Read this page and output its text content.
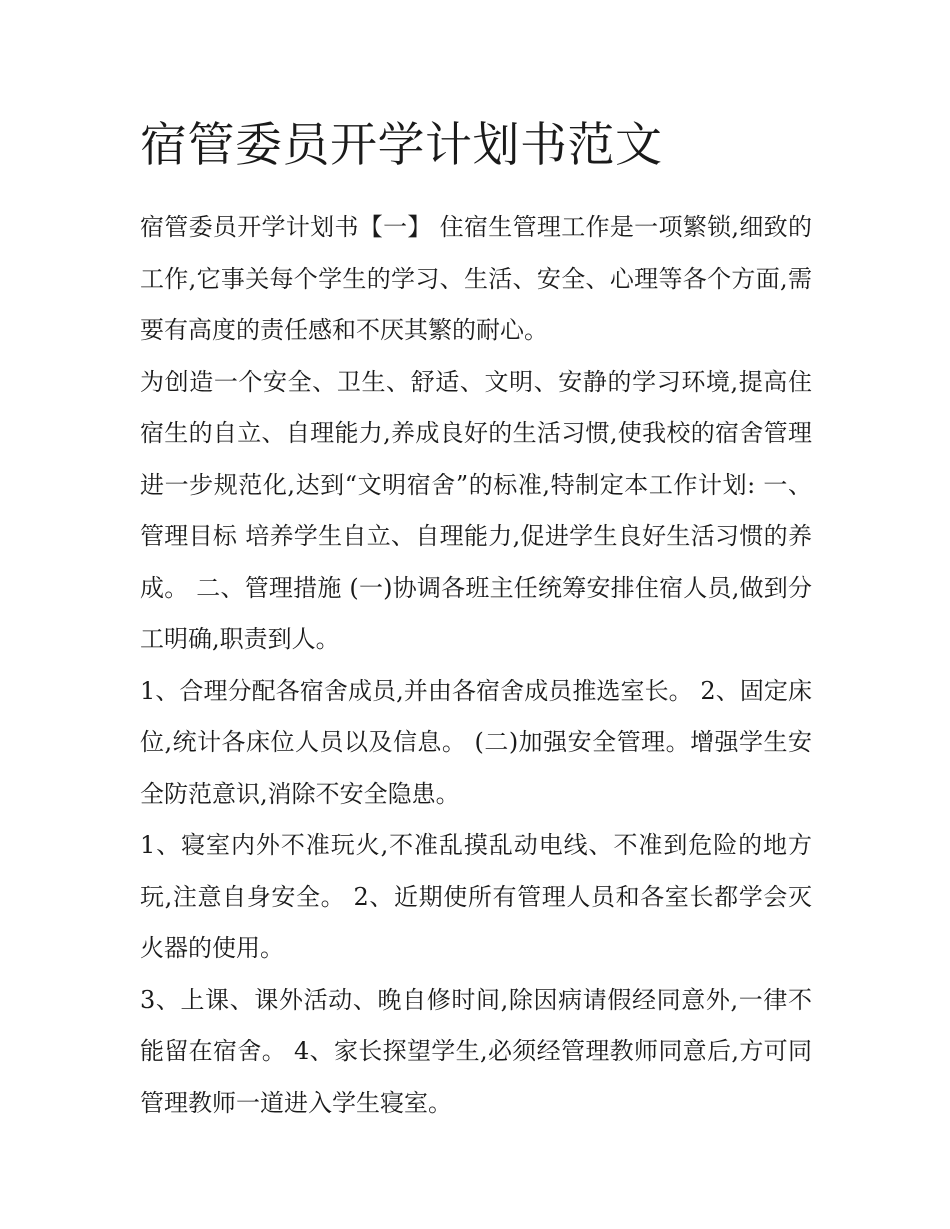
宿管委员开学计划书范文

宿管委员开学计划书【一】 住宿生管理工作是一项繁锁,细致的工作,它事关每个学生的学习、生活、安全、心理等各个方面,需要有高度的责任感和不厌其繁的耐心。

为创造一个安全、卫生、舒适、文明、安静的学习环境,提高住宿生的自立、自理能力,养成良好的生活习惯,使我校的宿舍管理进一步规范化,达到“文明宿舍”的标准,特制定本工作计划: 一、管理目标 培养学生自立、自理能力,促进学生良好生活习惯的养成。 二、管理措施 (一)协调各班主任统筹安排住宿人员,做到分工明确,职责到人。

1、合理分配各宿舍成员,并由各宿舍成员推选室长。 2、固定床位,统计各床位人员以及信息。 (二)加强安全管理。增强学生安全防范意识,消除不安全隐患。

1、寝室内外不准玩火,不准乱摸乱动电线、不准到危险的地方玩,注意自身安全。 2、近期使所有管理人员和各室长都学会灭火器的使用。

3、上课、课外活动、晚自修时间,除因病请假经同意外,一律不能留在宿舍。 4、家长探望学生,必须经管理教师同意后,方可同管理教师一道进入学生寝室。
